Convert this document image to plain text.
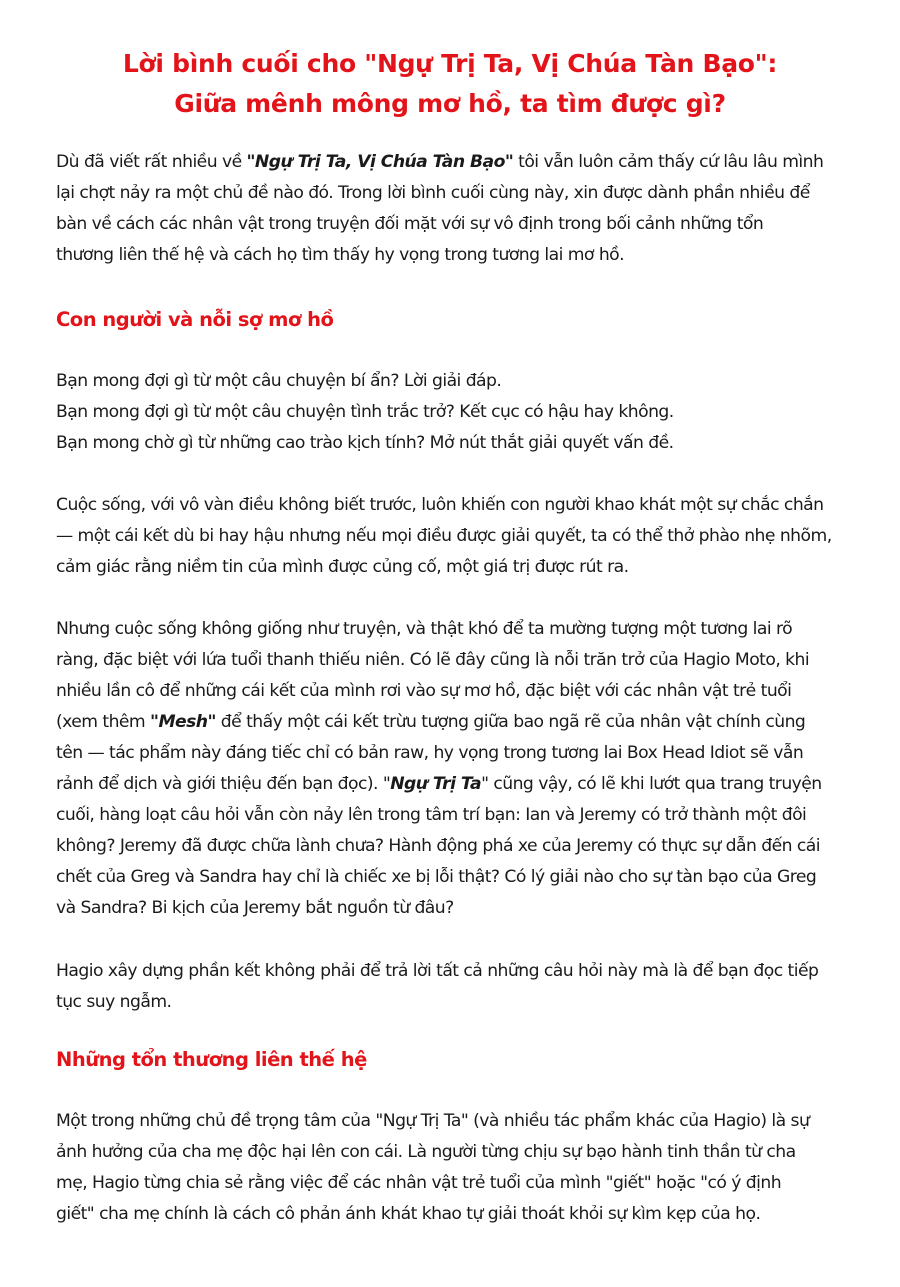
Lời bình cuối cho "Ngự Trị Ta, Vị Chúa Tàn Bạo":
Giữa mênh mông mơ hồ, ta tìm được gì?
Dù đã viết rất nhiều về "Ngự Trị Ta, Vị Chúa Tàn Bạo" tôi vẫn luôn cảm thấy cứ lâu lâu mình
lại chợt nảy ra một chủ đề nào đó. Trong lời bình cuối cùng này, xin được dành phần nhiều để
bàn về cách các nhân vật trong truyện đối mặt với sự vô định trong bối cảnh những tổn
thương liên thế hệ và cách họ tìm thấy hy vọng trong tương lai mơ hồ.
Con người và nỗi sợ mơ hồ
Bạn mong đợi gì từ một câu chuyện bí ẩn? Lời giải đáp.
Bạn mong đợi gì từ một câu chuyện tình trắc trở? Kết cục có hậu hay không.
Bạn mong chờ gì từ những cao trào kịch tính? Mở nút thắt giải quyết vấn đề.
Cuộc sống, với vô vàn điều không biết trước, luôn khiến con người khao khát một sự chắc chắn
— một cái kết dù bi hay hậu nhưng nếu mọi điều được giải quyết, ta có thể thở phào nhẹ nhõm,
cảm giác rằng niềm tin của mình được củng cố, một giá trị được rút ra.
Nhưng cuộc sống không giống như truyện, và thật khó để ta mường tượng một tương lai rõ
ràng, đặc biệt với lứa tuổi thanh thiếu niên. Có lẽ đây cũng là nỗi trăn trở của Hagio Moto, khi
nhiều lần cô để những cái kết của mình rơi vào sự mơ hồ, đặc biệt với các nhân vật trẻ tuổi
(xem thêm "Mesh" để thấy một cái kết trừu tượng giữa bao ngã rẽ của nhân vật chính cùng
tên — tác phẩm này đáng tiếc chỉ có bản raw, hy vọng trong tương lai Box Head Idiot sẽ vẫn
rảnh để dịch và giới thiệu đến bạn đọc). "Ngự Trị Ta" cũng vậy, có lẽ khi lướt qua trang truyện
cuối, hàng loạt câu hỏi vẫn còn nảy lên trong tâm trí bạn: Ian và Jeremy có trở thành một đôi
không? Jeremy đã được chữa lành chưa? Hành động phá xe của Jeremy có thực sự dẫn đến cái
chết của Greg và Sandra hay chỉ là chiếc xe bị lỗi thật? Có lý giải nào cho sự tàn bạo của Greg
và Sandra? Bi kịch của Jeremy bắt nguồn từ đâu?
Hagio xây dựng phần kết không phải để trả lời tất cả những câu hỏi này mà là để bạn đọc tiếp
tục suy ngẫm.
Những tổn thương liên thế hệ
Một trong những chủ đề trọng tâm của "Ngự Trị Ta" (và nhiều tác phẩm khác của Hagio) là sự
ảnh hưởng của cha mẹ độc hại lên con cái. Là người từng chịu sự bạo hành tinh thần từ cha
mẹ, Hagio từng chia sẻ rằng việc để các nhân vật trẻ tuổi của mình "giết" hoặc "có ý định
giết" cha mẹ chính là cách cô phản ánh khát khao tự giải thoát khỏi sự kìm kẹp của họ.
